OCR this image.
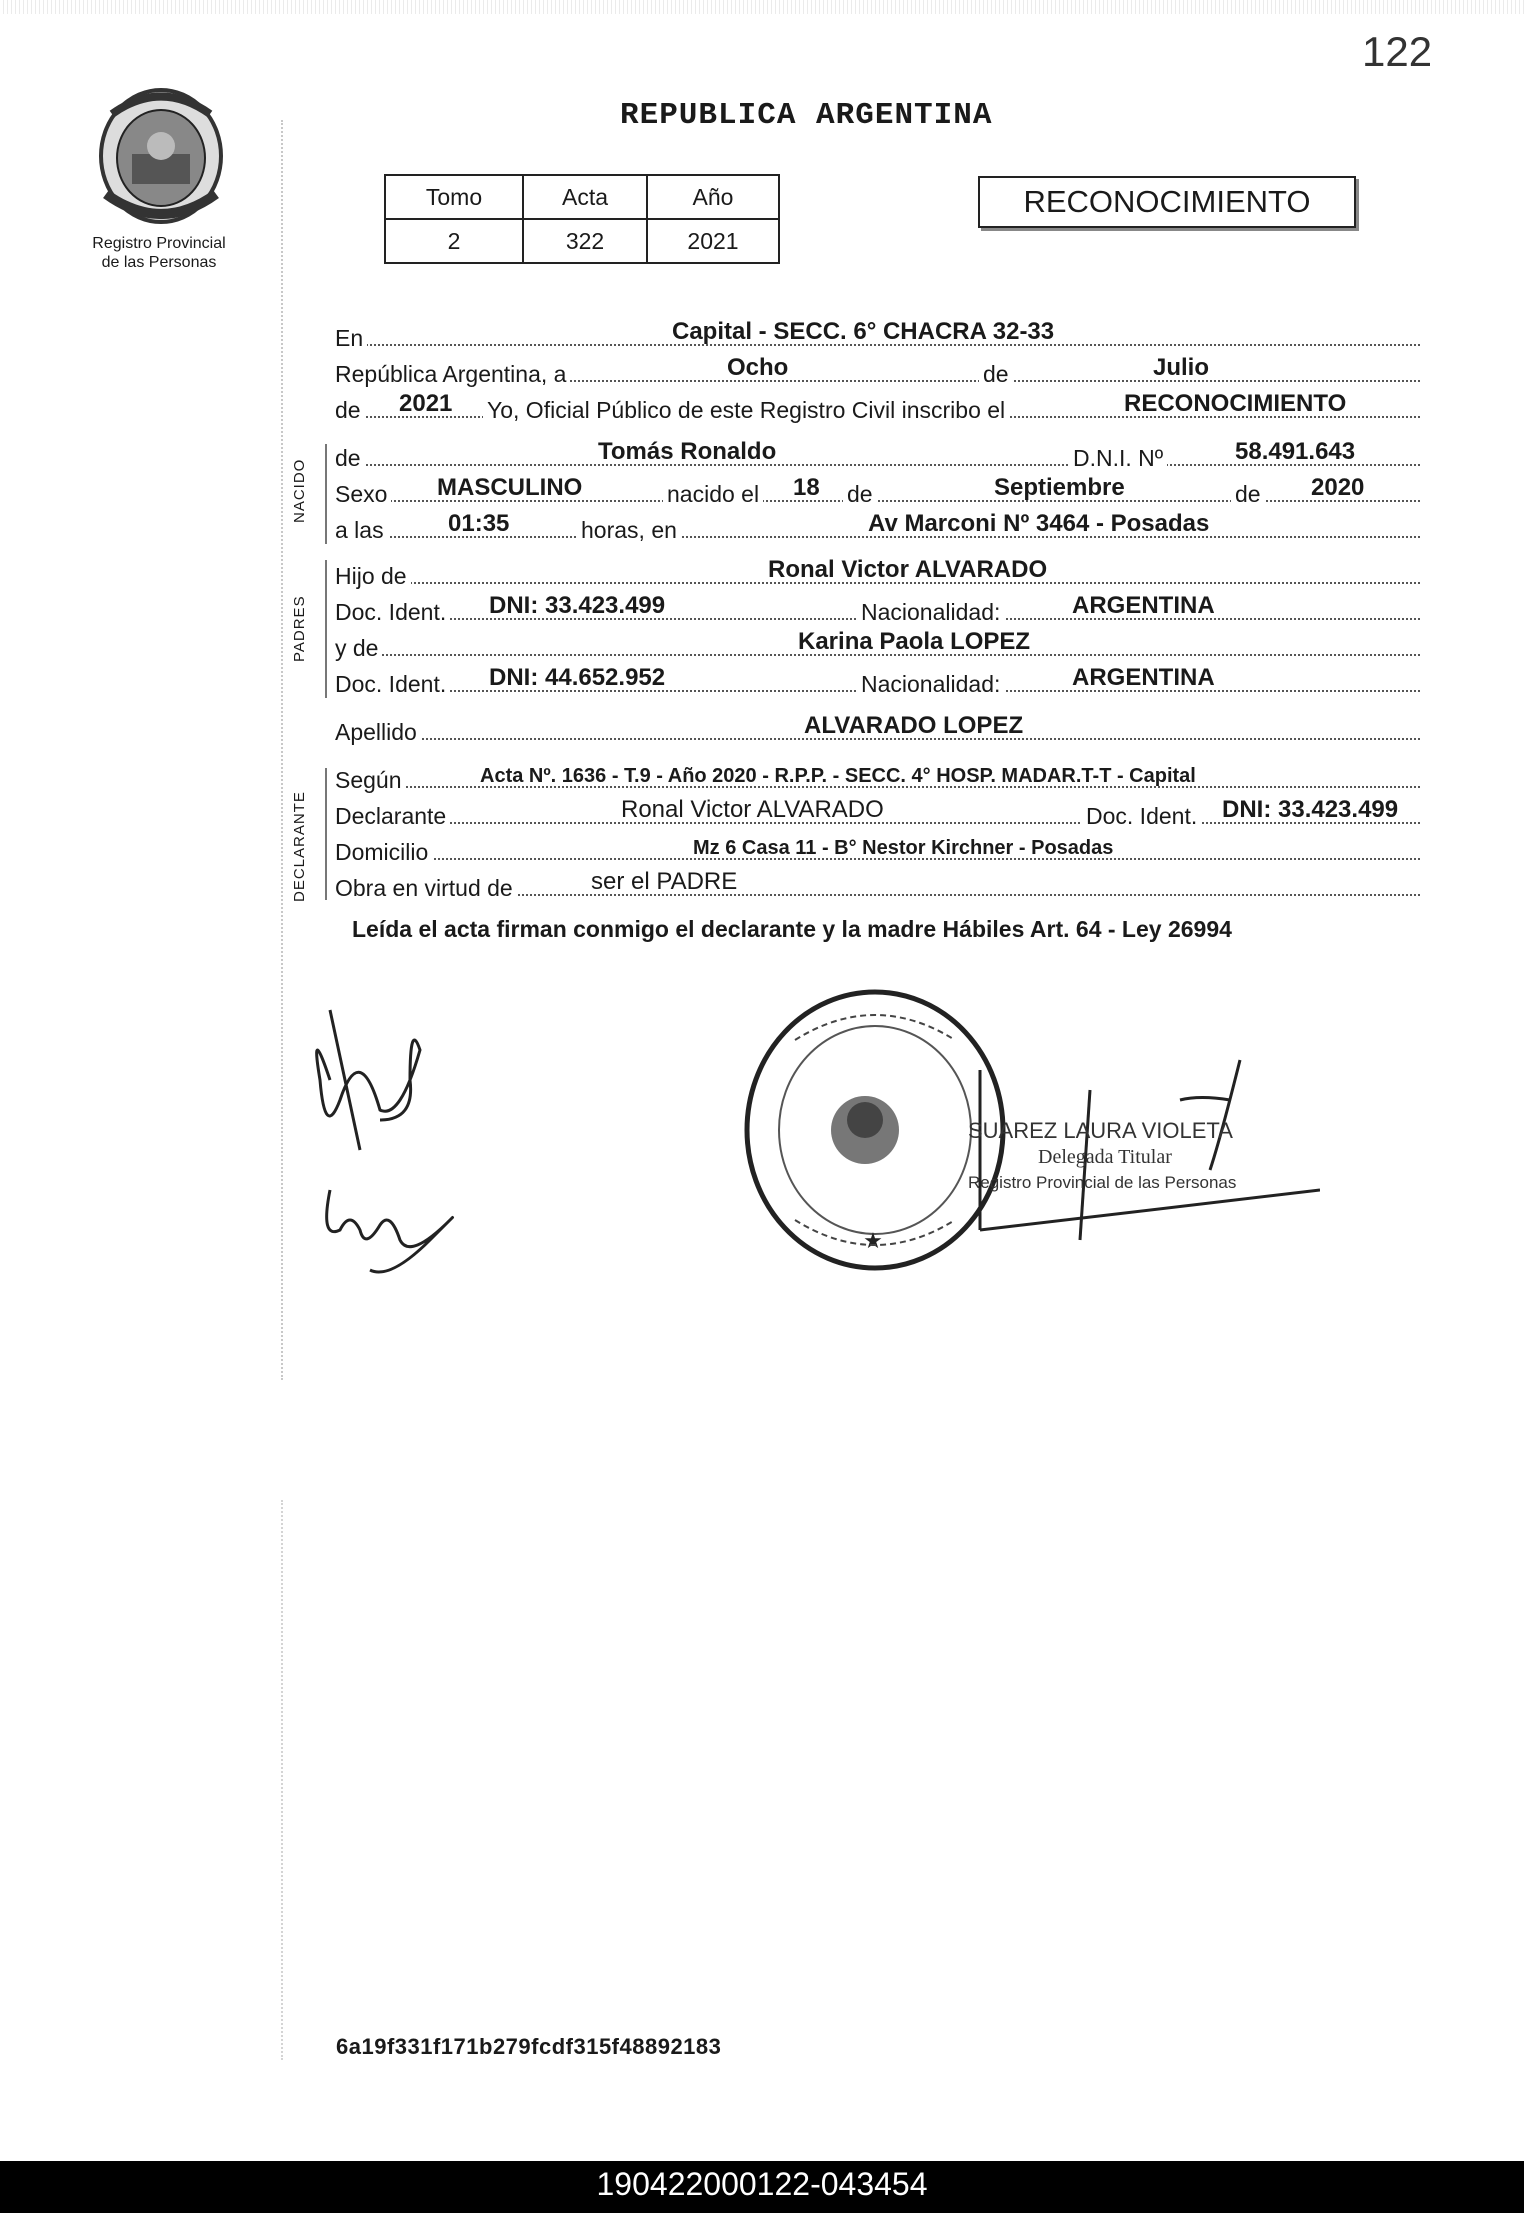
122
Registro Provincial
de las Personas
REPUBLICA ARGENTINA
Tomo	Acta	Año
2	322	2021
RECONOCIMIENTO
NACIDO
PADRES
DECLARANTE
En	Capital - SECC. 6° CHACRA 32-33
República Argentina, a	Ocho	de	Julio
de 2021 Yo, Oficial Público de este Registro Civil inscribo el	RECONOCIMIENTO
de	Tomás Ronaldo	D.N.I. Nº	58.491.643
Sexo MASCULINO	nacido el 18 de	Septiembre	de 2020
a las	01:35	horas, en	Av Marconi Nº 3464 - Posadas
Hijo de	Ronal Victor ALVARADO
Doc. Ident. DNI: 33.423.499	Nacionalidad:	ARGENTINA
y de	Karina Paola LOPEZ
Doc. Ident. DNI: 44.652.952	Nacionalidad:	ARGENTINA
Apellido	ALVARADO LOPEZ
Según	Acta Nº. 1636 - T.9 - Año 2020 - R.P.P. - SECC. 4° HOSP. MADAR.T-T - Capital
Declarante	Ronal Victor ALVARADO	Doc. Ident. DNI: 33.423.499
Domicilio	Mz 6 Casa 11 - B° Nestor Kirchner - Posadas
Obra en virtud de	ser el PADRE
Leída el acta firman conmigo el declarante y la madre Hábiles Art. 64 - Ley 26994
★
SUAREZ LAURA VIOLETA
Delegada Titular
Registro Provincial de las Personas
6a19f331f171b279fcdf315f48892183
190422000122-043454
